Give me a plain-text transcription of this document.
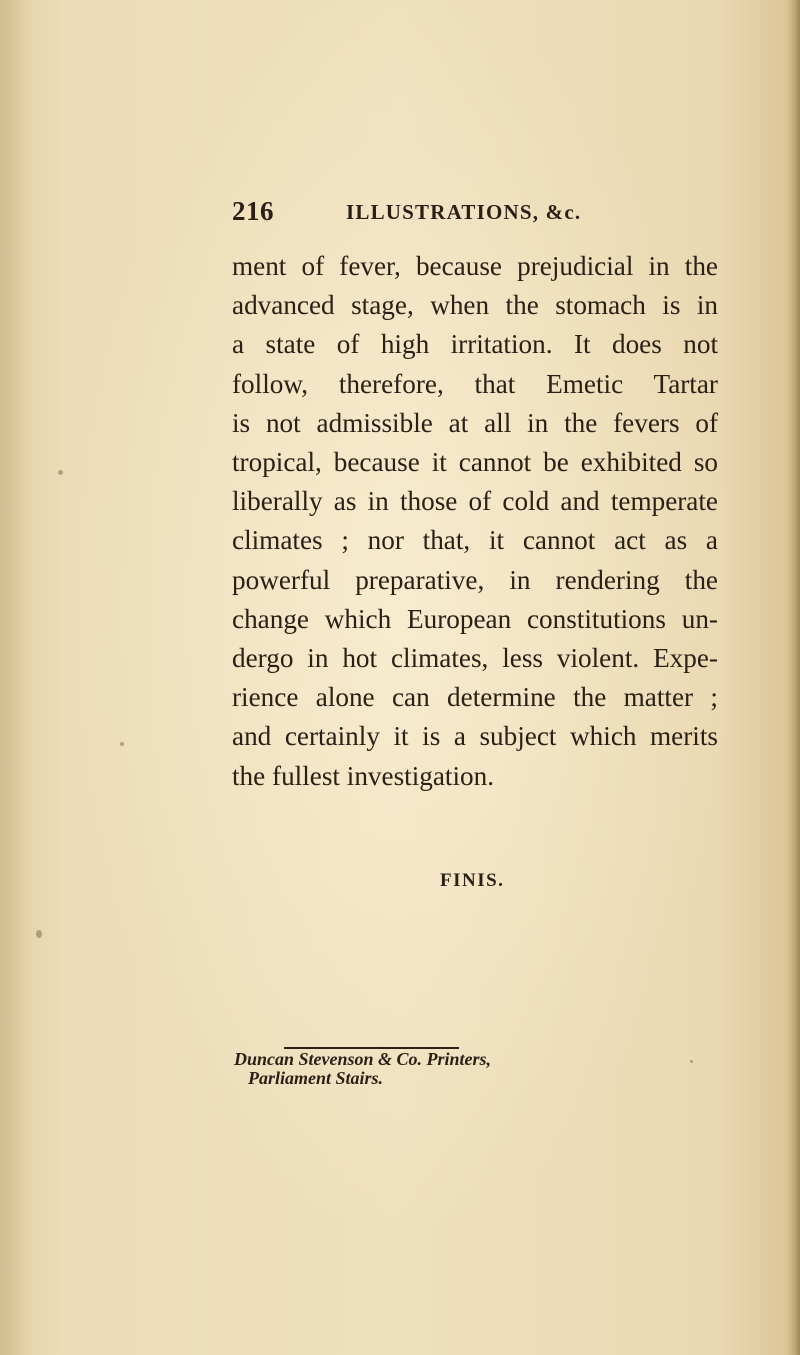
216	ILLUSTRATIONS, &c.
ment of fever, because prejudicial in the
advanced stage, when the stomach is in
a state of high irritation. It does not
follow, therefore, that Emetic Tartar
is not admissible at all in the fevers of
tropical, because it cannot be exhibited so
liberally as in those of cold and temperate
climates ; nor that, it cannot act as a
powerful preparative, in rendering the
change which European constitutions un-
dergo in hot climates, less violent. Expe-
rience alone can determine the matter ;
and certainly it is a subject which merits
the fullest investigation.
FINIS.
Duncan Stevenson & Co. Printers,
Parliament Stairs.
